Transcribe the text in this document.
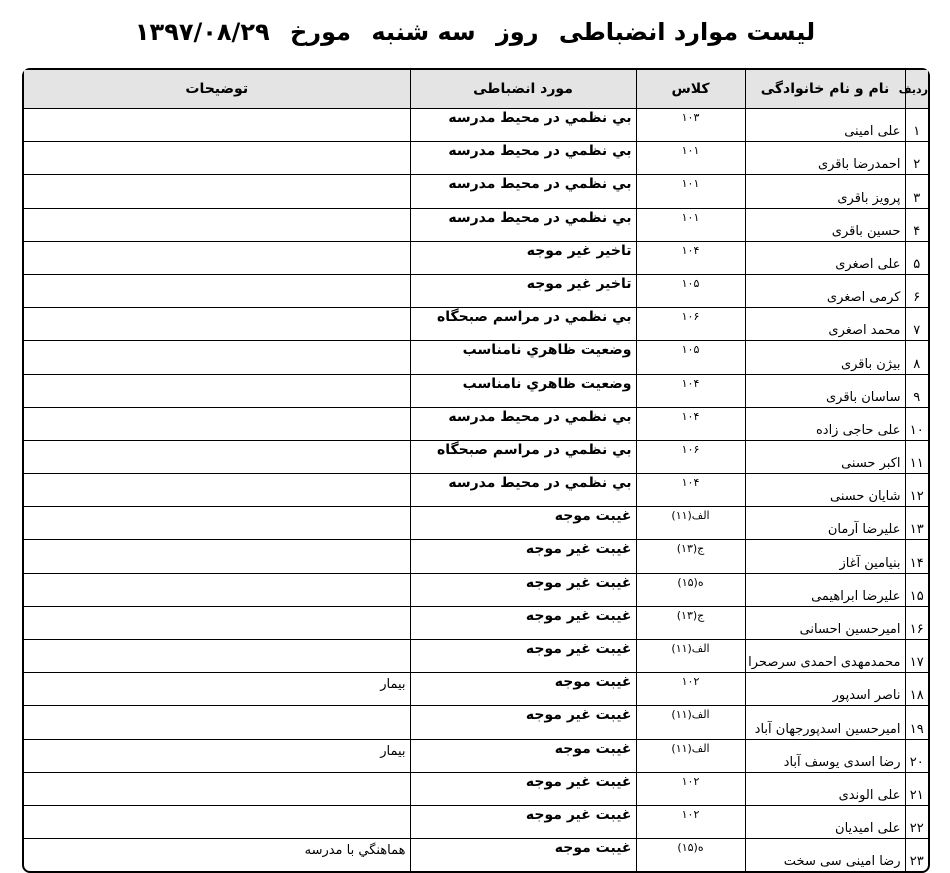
لیست موارد انضباطی روز سه شنبه مورخ ۱۳۹۷/۰۸/۲۹
ردیف	نام و نام خانوادگی	کلاس	مورد انضباطی	توضیحات
۱	علی امینی	۱۰۳	بي نظمي در محيط مدرسه	
۲	احمدرضا باقری	۱۰۱	بي نظمي در محيط مدرسه	
۳	پرویز باقری	۱۰۱	بي نظمي در محيط مدرسه	
۴	حسین باقری	۱۰۱	بي نظمي در محيط مدرسه	
۵	علی اصغری	۱۰۴	تاخير غير موجه	
۶	کرمی اصغری	۱۰۵	تاخير غير موجه	
۷	محمد اصغری	۱۰۶	بي نظمي در مراسم صبحگاه	
۸	بیژن باقری	۱۰۵	وضعيت ظاهري نامناسب	
۹	ساسان باقری	۱۰۴	وضعيت ظاهري نامناسب	
۱۰	علی حاجی زاده	۱۰۴	بي نظمي در محيط مدرسه	
۱۱	اکبر حسنی	۱۰۶	بي نظمي در مراسم صبحگاه	
۱۲	شایان حسنی	۱۰۴	بي نظمي در محيط مدرسه	
۱۳	علیرضا آرمان	الف(۱۱)	غيبت موجه	
۱۴	بنیامین آغاز	ج(۱۳)	غيبت غير موجه	
۱۵	علیرضا ابراهیمی	ه(۱۵)	غيبت غير موجه	
۱۶	امیرحسین احسانی	ج(۱۳)	غيبت غير موجه	
۱۷	محمدمهدی احمدی سرصحرا	الف(۱۱)	غيبت غير موجه	
۱۸	ناصر اسدپور	۱۰۲	غيبت موجه	بيمار
۱۹	امیرحسین اسدپورجهان آباد	الف(۱۱)	غيبت غير موجه	
۲۰	رضا اسدی یوسف آباد	الف(۱۱)	غيبت موجه	بيمار
۲۱	علی الوندی	۱۰۲	غيبت غير موجه	
۲۲	علی امیدیان	۱۰۲	غيبت غير موجه	
۲۳	رضا امینی سی سخت	ه(۱۵)	غيبت موجه	هماهنگي با مدرسه
